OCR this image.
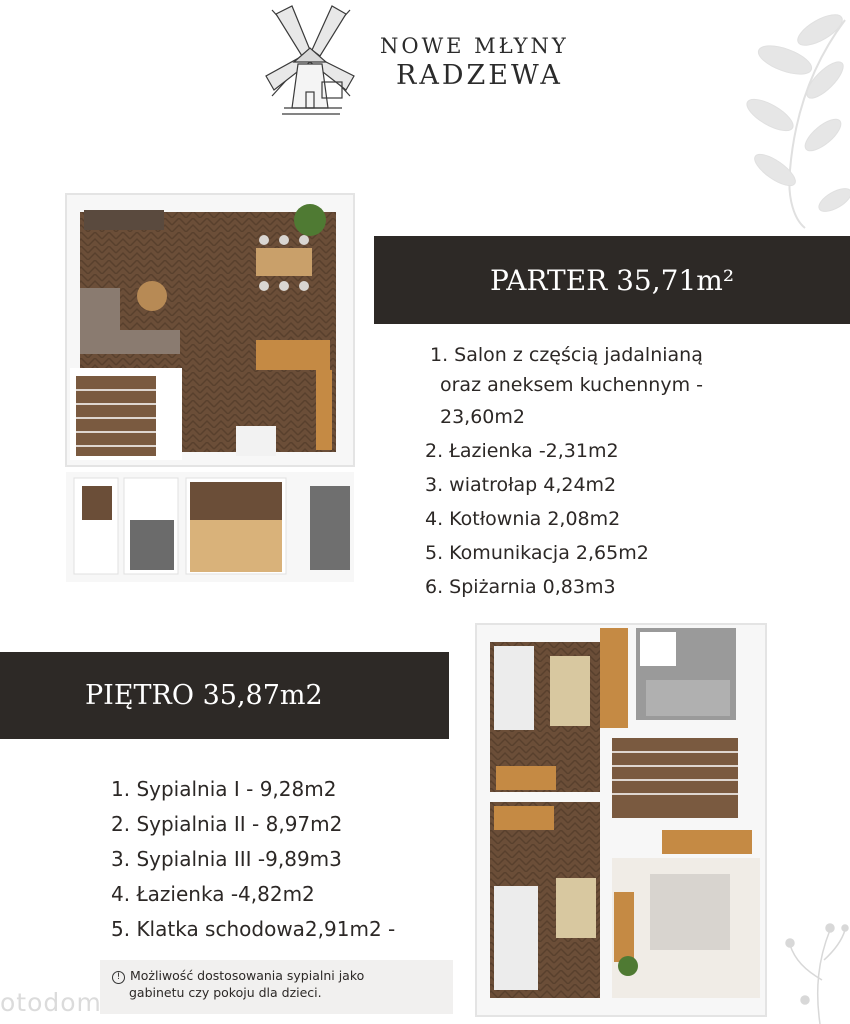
NOWE MŁYNY
RADZEWA
PARTER 35,71m²
1. Salon z częścią jadalnianą
oraz aneksem kuchennym -
23,60m2
2. Łazienka -2,31m2
3. wiatrołap 4,24m2
4. Kotłownia 2,08m2
5. Komunikacja 2,65m2
6. Spiżarnia 0,83m3
PIĘTRO 35,87m2
1. Sypialnia I - 9,28m2
2. Sypialnia II - 8,97m2
3. Sypialnia III -9,89m3
4. Łazienka -4,82m2
5. Klatka schodowa2,91m2 -
! Możliwość dostosowania sypialni jako
gabinetu czy pokoju dla dzieci.
otodom
